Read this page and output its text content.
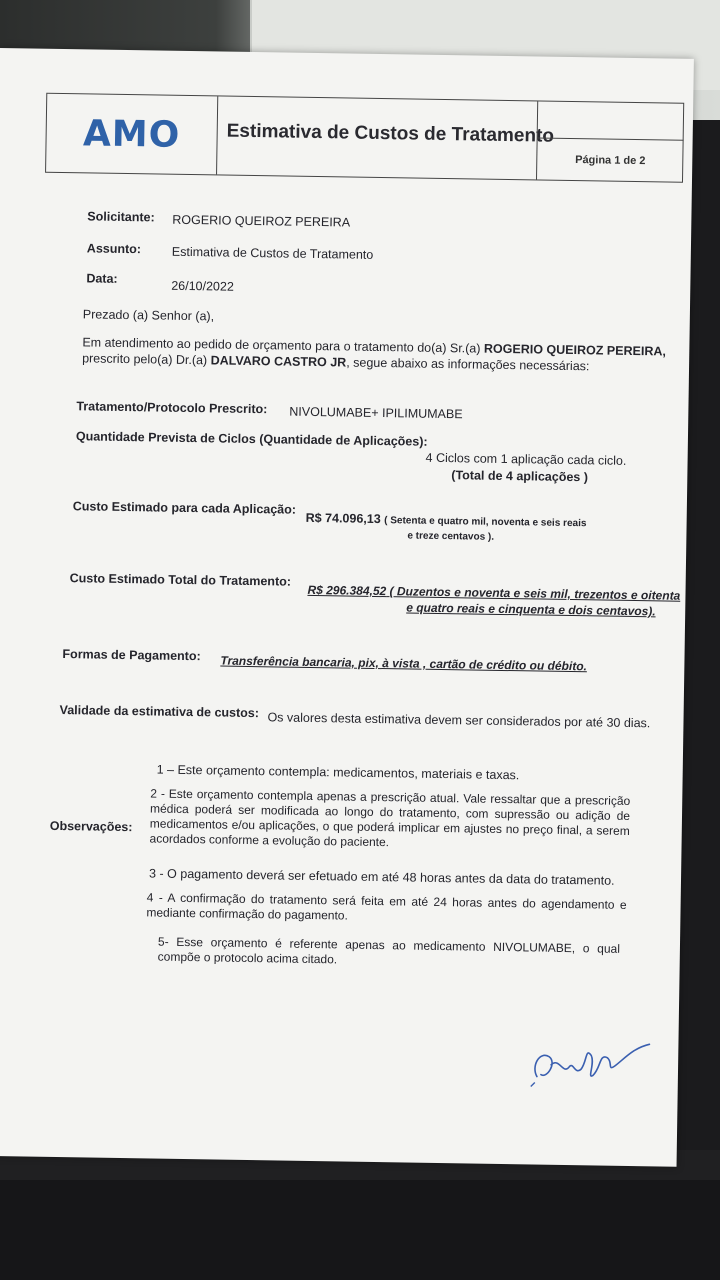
AMO Estimativa de Custos de Tratamento
Página 1 de 2
Solicitante: ROGERIO QUEIROZ PEREIRA
Assunto: Estimativa de Custos de Tratamento
Data:
26/10/2022
Prezado (a) Senhor (a),
Em atendimento ao pedido de orçamento para o tratamento do(a) Sr.(a) ROGERIO QUEIROZ PEREIRA,
prescrito pelo(a) Dr.(a) DALVARO CASTRO JR, segue abaixo as informações necessárias:
Tratamento/Protocolo Prescrito: NIVOLUMABE+ IPILIMUMABE
Quantidade Prevista de Ciclos (Quantidade de Aplicações):
4 Ciclos com 1 aplicação cada ciclo.
(Total de 4 aplicações )
Custo Estimado para cada Aplicação:
R$ 74.096,13 ( Setenta e quatro mil, noventa e seis reais
e treze centavos ).
Custo Estimado Total do Tratamento:
R$ 296.384,52 ( Duzentos e noventa e seis mil, trezentos e oitenta
e quatro reais e cinquenta e dois centavos).
Formas de Pagamento: Transferência bancaria, pix, à vista , cartão de crédito ou débito.
Validade da estimativa de custos: Os valores desta estimativa devem ser considerados por até 30 dias.
1 – Este orçamento contempla: medicamentos, materiais e taxas.
2 - Este orçamento contempla apenas a prescrição atual. Vale ressaltar que a prescrição médica poderá ser modificada ao longo do tratamento, com supressão ou adição de medicamentos e/ou aplicações, o que poderá implicar em ajustes no preço final, a serem acordados conforme a evolução do paciente.
Observações:
3 - O pagamento deverá ser efetuado em até 48 horas antes da data do tratamento.
4 - A confirmação do tratamento será feita em até 24 horas antes do agendamento e mediante confirmação do pagamento.
5- Esse orçamento é referente apenas ao medicamento NIVOLUMABE, o qual compõe o protocolo acima citado.
